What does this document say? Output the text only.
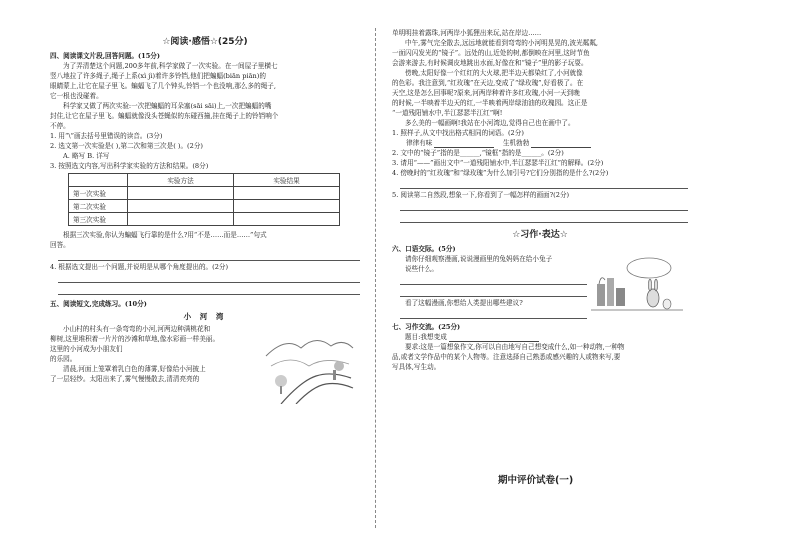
☆阅读·感悟☆(25分)
四、阅读课文片段,回答问题。(15分)
为了弄清楚这个问题,200多年前,科学家做了一次实验。在一间屋子里横七
竖八地拉了许多绳子,绳子上系(xì jì)着许多铃铛,他们把蝙蝠(biān piān)的
眼睛蒙上,让它在屋子里飞。蝙蝠飞了几个钟头,铃铛一个也没响,那么多的绳子,
它一根也没碰着。
科学家又做了两次实验:一次把蝙蝠的耳朵塞(sāi sāi)上,一次把蝙蝠的嘴
封住,让它在屋子里飞。蝙蝠就像没头苍蝇似的东碰西撞,挂在绳子上的铃铛响个
不停。
1. 用“\”画去括号里错误的读音。(3分)
2. 选文第一次实验是( ),第二次和第三次是( )。(2分)
A. 略写 B. 详写
3. 按照选文内容,写出科学家实验的方法和结果。(8分)
	实验方法	实验结果
第一次实验		
第二次实验		
第三次实验		
根据三次实验,你认为蝙蝠飞行靠的是什么?用“不是……而是……”句式
回答。
4. 根据选文提出一个问题,并说明是从哪个角度提出的。(2分)
五、阅读短文,完成练习。(10分)
小 河 湾
小山村的村头有一条弯弯的小河,河两边种满桃花和
柳树,这里堆积着一片片的沙滩和草地,像水彩画一样美丽。
这里的小河成为小朋友们
的乐园。
清晨,河面上笼罩着乳白色的薄雾,好像给小河披上
了一层轻纱。太阳出来了,雾气慢慢散去,清清亮亮的
单明明挂着露珠,河两岸小狐狸出来玩,站在岸边……
中午,雾气完全散去,远远地就能看到弯弯的小河明晃晃的,波光粼粼,
一面闪闪发光的“镜子”。远处的山,近处的树,都倒映在河里,这时节鱼
会游来游去,有时候调皮地跳出水面,好像在和“镜子”里的影子玩耍。
傍晚,太阳好像一个红红的大火球,把半边天都染红了,小河就像
的色彩。我注意到,“红玫瑰”在天边,变成了“绿玫瑰”,好看极了。在
天空,这是怎么回事呢?原来,河两岸种着许多红玫瑰,小河一天到晚
的时候,一半映着半边天的红,一半映着两岸绿油油的玫瑰园。这正是
“一道残阳铺水中,半江瑟瑟半江红”啊!
多么美的一幅画啊!我站在小河湾边,觉得自己也在画中了。
1. 照样子,从文中找出格式相同的词语。(2分)
律律有味	生机勃勃
2. 文中的“镜子”指的是______,“镜框”指的是______。(2分)
3. 请用“——”画出文中“一道残阳铺水中,半江瑟瑟半江红”的解释。(2分)
4. 傍晚时的“红玫瑰”和“绿玫瑰”为什么加引号?它们分别指的是什么?(2分)
5. 阅读第二自然段,想象一下,你看到了一幅怎样的画面?(2分)
☆习作·表达☆
六、口语交际。(5分)
请你仔细观察漫画,说说漫画里的兔妈妈在给小兔子
说些什么。
看了这幅漫画,你想给人类提出哪些建议?
七、习作交流。(25分)
题目:我想变成
要求:这是一篇想象作文,你可以自由地写自己想变成什么,如一种动物,一种物
品,或者文学作品中的某个人物等。注意选择自己熟悉或感兴趣的人或物来写,要
写具体,写生动。
期中评价试卷(一)
